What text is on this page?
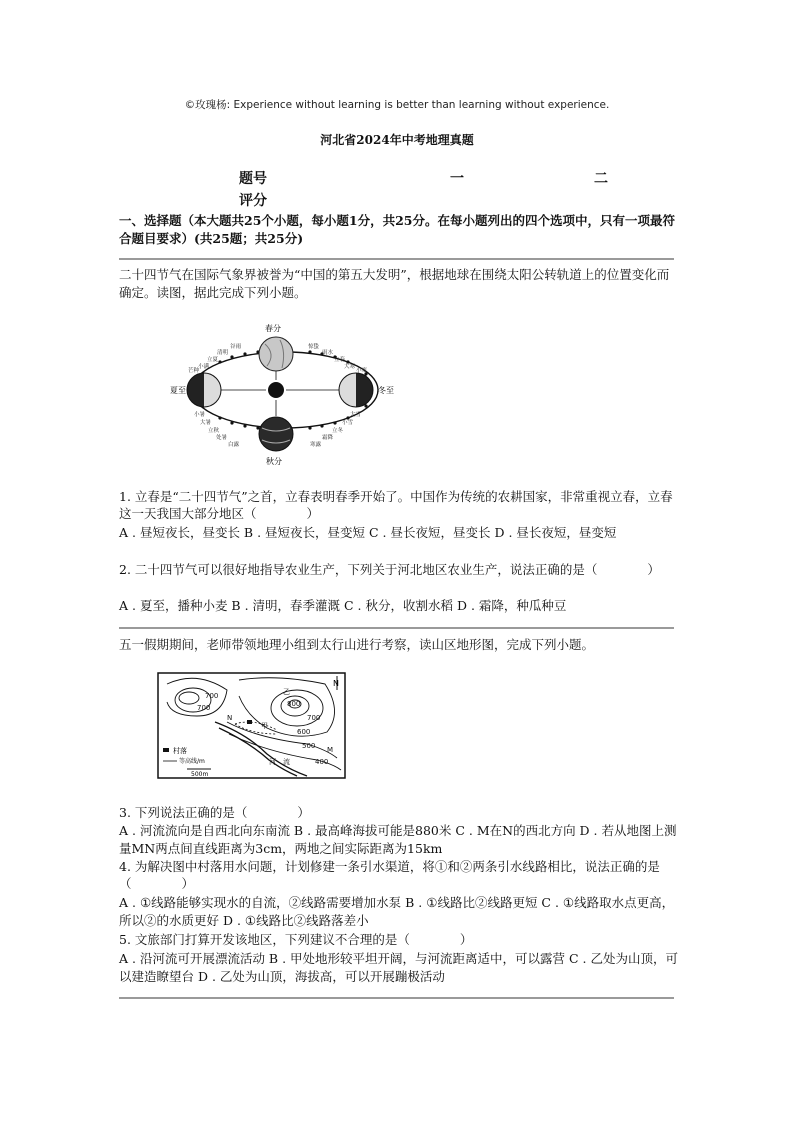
©玫瑰杨: Experience without learning is better than learning without experience.
河北省2024年中考地理真题
题号	一	二
评分
一、选择题（本大题共25个小题，每小题1分，共25分。在每小题列出的四个选项中，只有一项最符合题目要求）(共25题；共25分)
二十四节气在国际气象界被誉为“中国的第五大发明”，根据地球在围绕太阳公转轨道上的位置变化而确定。读图，据此完成下列小题。
春分
夏至	冬至
秋分
谷雨
清明
立夏
小满
芒种
惊蛰
雨水
立春
大寒
小寒
小暑
大暑
立秋
处暑
白露	寒露
霜降
立冬
小雪
大雪
1. 立春是“二十四节气”之首，立春表明春季开始了。中国作为传统的农耕国家，非常重视立春，立春这一天我国大部分地区（　　　　）
A . 昼短夜长，昼变长 B . 昼短夜长，昼变短 C . 昼长夜短，昼变长 D . 昼长夜短，昼变短
2. 二十四节气可以很好地指导农业生产，下列关于河北地区农业生产，说法正确的是（　　　　）
A . 夏至，播种小麦 B . 清明，春季灌溉 C . 秋分，收割水稻 D . 霜降，种瓜种豆
五一假期期间，老师带领地理小组到太行山进行考察，读山区地形图，完成下列小题。
N
700
700
800
700
600
500
400
甲
乙
M
N
河　流
村落
等高线/m
500m
3. 下列说法正确的是（　　　　）
A . 河流流向是自西北向东南流 B . 最高峰海拔可能是880米 C . M在N的西北方向 D . 若从地图上测量MN两点间直线距离为3cm，两地之间实际距离为15km
4. 为解决图中村落用水问题，计划修建一条引水渠道，将①和②两条引水线路相比，说法正确的是（　　　　）
A . ①线路能够实现水的自流，②线路需要增加水泵 B . ①线路比②线路更短 C . ①线路取水点更高，所以②的水质更好 D . ①线路比②线路落差小
5. 文旅部门打算开发该地区，下列建议不合理的是（　　　　）
A . 沿河流可开展漂流活动 B . 甲处地形较平坦开阔，与河流距离适中，可以露营 C . 乙处为山顶，可以建造瞭望台 D . 乙处为山顶，海拔高，可以开展蹦极活动
